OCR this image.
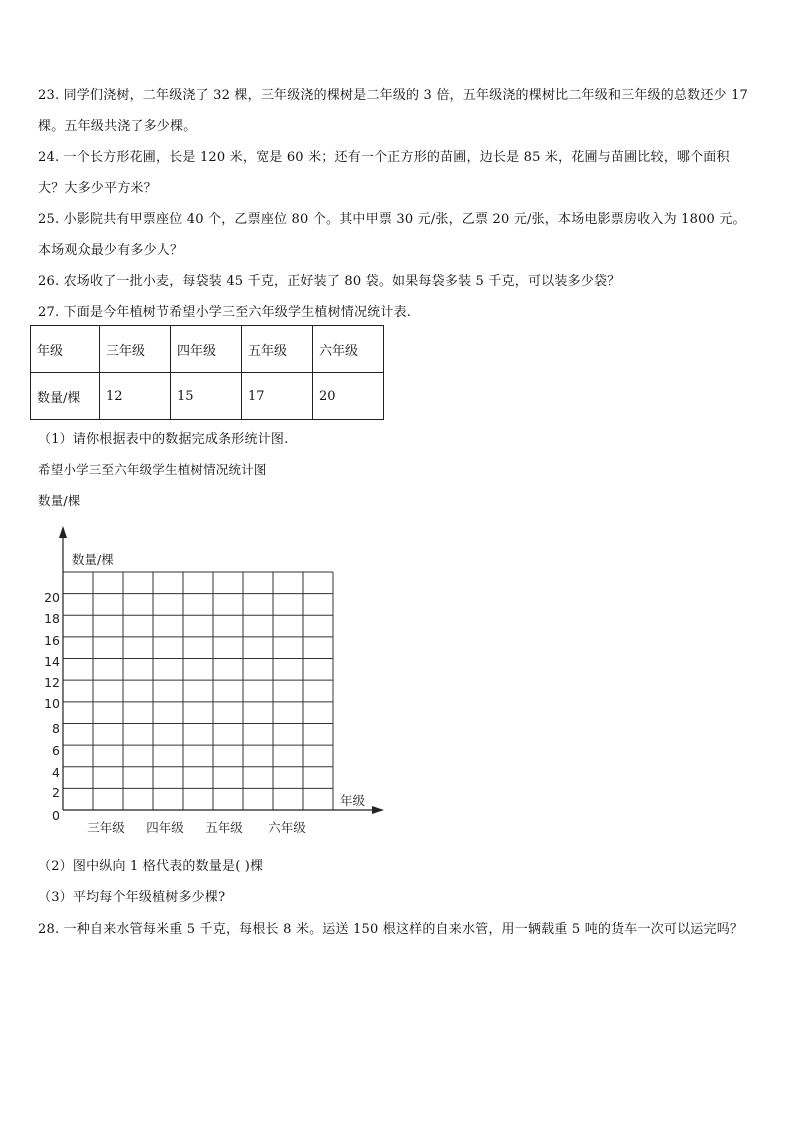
23. 同学们浇树，二年级浇了 32 棵，三年级浇的棵树是二年级的 3 倍，五年级浇的棵树比二年级和三年级的总数还少 17
棵。五年级共浇了多少棵。
24. 一个长方形花圃，长是 120 米，宽是 60 米；还有一个正方形的苗圃，边长是 85 米，花圃与苗圃比较，哪个面积
大？大多少平方米？
25. 小影院共有甲票座位 40 个，乙票座位 80 个。其中甲票 30 元/张，乙票 20 元/张，本场电影票房收入为 1800 元。
本场观众最少有多少人？
26. 农场收了一批小麦，每袋装 45 千克，正好装了 80 袋。如果每袋多装 5 千克，可以装多少袋？
27. 下面是今年植树节希望小学三至六年级学生植树情况统计表.
年级	三年级	四年级	五年级	六年级
数量/棵	12	15	17	20
（1）请你根据表中的数据完成条形统计图.
希望小学三至六年级学生植树情况统计图
数量/棵
数量/棵
年级
0
2
4
6
8
10
12
14
16
18
20
三年级 四年级 五年级 六年级
（2）图中纵向 1 格代表的数量是( )棵
（3）平均每个年级植树多少棵?
28. 一种自来水管每米重 5 千克，每根长 8 米。运送 150 根这样的自来水管，用一辆载重 5 吨的货车一次可以运完吗？
